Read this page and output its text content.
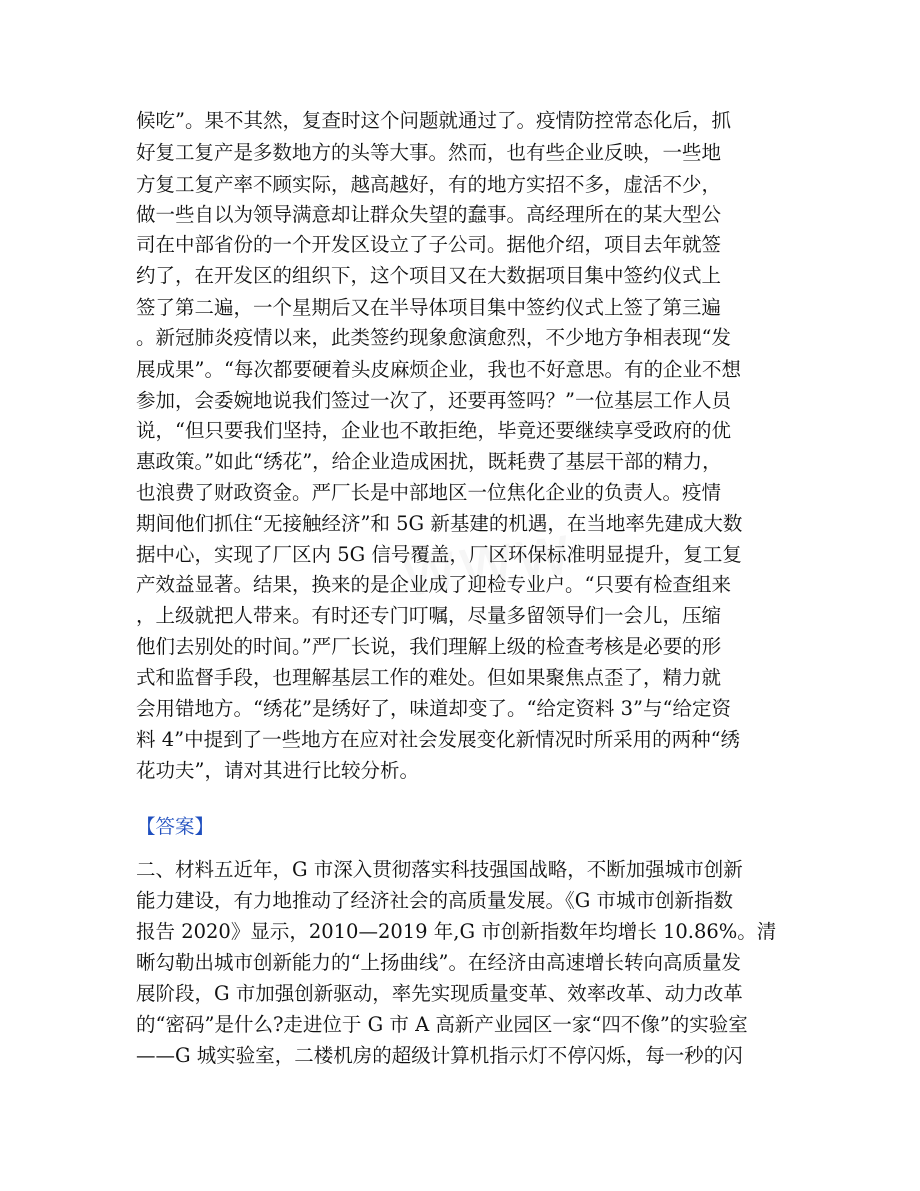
候吃”。果不其然，复查时这个问题就通过了。疫情防控常态化后，抓
好复工复产是多数地方的头等大事。然而，也有些企业反映，一些地
方复工复产率不顾实际，越高越好，有的地方实招不多，虚活不少，
做一些自以为领导满意却让群众失望的蠢事。高经理所在的某大型公
司在中部省份的一个开发区设立了子公司。据他介绍，项目去年就签
约了，在开发区的组织下，这个项目又在大数据项目集中签约仪式上
签了第二遍，一个星期后又在半导体项目集中签约仪式上签了第三遍
。新冠肺炎疫情以来，此类签约现象愈演愈烈，不少地方争相表现“发
展成果”。“每次都要硬着头皮麻烦企业，我也不好意思。有的企业不想
参加，会委婉地说我们签过一次了，还要再签吗？”一位基层工作人员
说，“但只要我们坚持，企业也不敢拒绝，毕竟还要继续享受政府的优
惠政策。”如此“绣花”，给企业造成困扰，既耗费了基层干部的精力，
也浪费了财政资金。严厂长是中部地区一位焦化企业的负责人。疫情
期间他们抓住“无接触经济”和 5G 新基建的机遇，在当地率先建成大数
据中心，实现了厂区内 5G 信号覆盖，厂区环保标准明显提升，复工复
产效益显著。结果，换来的是企业成了迎检专业户。“只要有检查组来
，上级就把人带来。有时还专门叮嘱，尽量多留领导们一会儿，压缩
他们去别处的时间。”严厂长说，我们理解上级的检查考核是必要的形
式和监督手段，也理解基层工作的难处。但如果聚焦点歪了，精力就
会用错地方。“绣花”是绣好了，味道却变了。“给定资料 3”与“给定资
料 4”中提到了一些地方在应对社会发展变化新情况时所采用的两种“绣
花功夫”，请对其进行比较分析。
【答案】
二、材料五近年，G 市深入贯彻落实科技强国战略，不断加强城市创新
能力建设，有力地推动了经济社会的高质量发展。《G 市城市创新指数
报告 2020》显示，2010—2019 年,G 市创新指数年均增长 10.86%。清
晰勾勒出城市创新能力的“上扬曲线”。在经济由高速增长转向高质量发
展阶段，G 市加强创新驱动，率先实现质量变革、效率改革、动力改革
的“密码”是什么?走进位于 G 市 A 高新产业园区一家“四不像”的实验室
——G 城实验室，二楼机房的超级计算机指示灯不停闪烁，每一秒的闪
